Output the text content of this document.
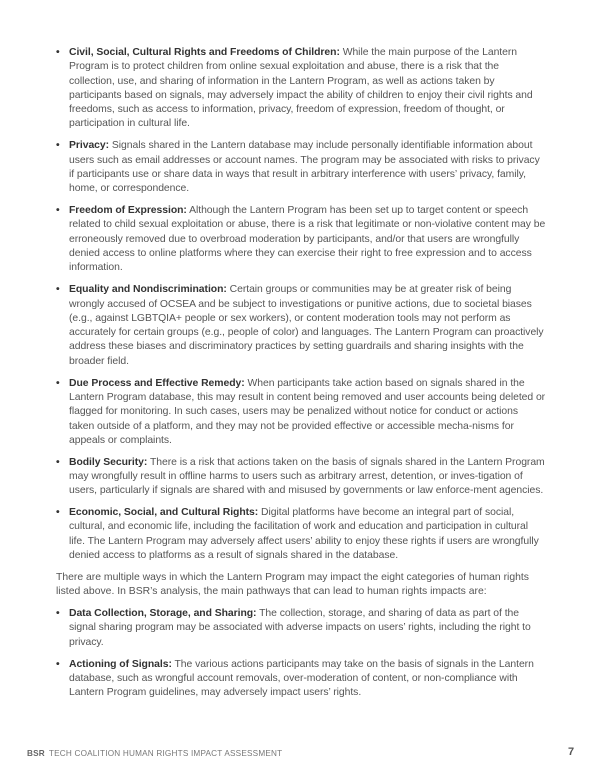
• Civil, Social, Cultural Rights and Freedoms of Children: While the main purpose of the Lantern Program is to protect children from online sexual exploitation and abuse, there is a risk that the collection, use, and sharing of information in the Lantern Program, as well as actions taken by participants based on signals, may adversely impact the ability of children to enjoy their civil rights and freedoms, such as access to information, privacy, freedom of expression, freedom of thought, or participation in cultural life.
• Privacy: Signals shared in the Lantern database may include personally identifiable information about users such as email addresses or account names. The program may be associated with risks to privacy if participants use or share data in ways that result in arbitrary interference with users’ privacy, family, home, or correspondence.
• Freedom of Expression: Although the Lantern Program has been set up to target content or speech related to child sexual exploitation or abuse, there is a risk that legitimate or non-violative content may be erroneously removed due to overbroad moderation by participants, and/or that users are wrongfully denied access to online platforms where they can exercise their right to free expression and to access information.
• Equality and Nondiscrimination: Certain groups or communities may be at greater risk of being wrongly accused of OCSEA and be subject to investigations or punitive actions, due to societal biases (e.g., against LGBTQIA+ people or sex workers), or content moderation tools may not perform as accurately for certain groups (e.g., people of color) and languages. The Lantern Program can proactively address these biases and discriminatory practices by setting guardrails and sharing insights with the broader field.
• Due Process and Effective Remedy: When participants take action based on signals shared in the Lantern Program database, this may result in content being removed and user accounts being deleted or flagged for monitoring. In such cases, users may be penalized without notice for conduct or actions taken outside of a platform, and they may not be provided effective or accessible mecha-nisms for appeals or complaints.
• Bodily Security: There is a risk that actions taken on the basis of signals shared in the Lantern Program may wrongfully result in offline harms to users such as arbitrary arrest, detention, or inves-tigation of users, particularly if signals are shared with and misused by governments or law enforce-ment agencies.
• Economic, Social, and Cultural Rights: Digital platforms have become an integral part of social, cultural, and economic life, including the facilitation of work and education and participation in cultural life. The Lantern Program may adversely affect users’ ability to enjoy these rights if users are wrongfully denied access to platforms as a result of signals shared in the database.

There are multiple ways in which the Lantern Program may impact the eight categories of human rights listed above. In BSR’s analysis, the main pathways that can lead to human rights impacts are:

• Data Collection, Storage, and Sharing: The collection, storage, and sharing of data as part of the signal sharing program may be associated with adverse impacts on users’ rights, including the right to privacy.
• Actioning of Signals: The various actions participants may take on the basis of signals in the Lantern database, such as wrongful account removals, over-moderation of content, or non-compliance with Lantern Program guidelines, may adversely impact users’ rights.
BSR TECH COALITION HUMAN RIGHTS IMPACT ASSESSMENT	7
